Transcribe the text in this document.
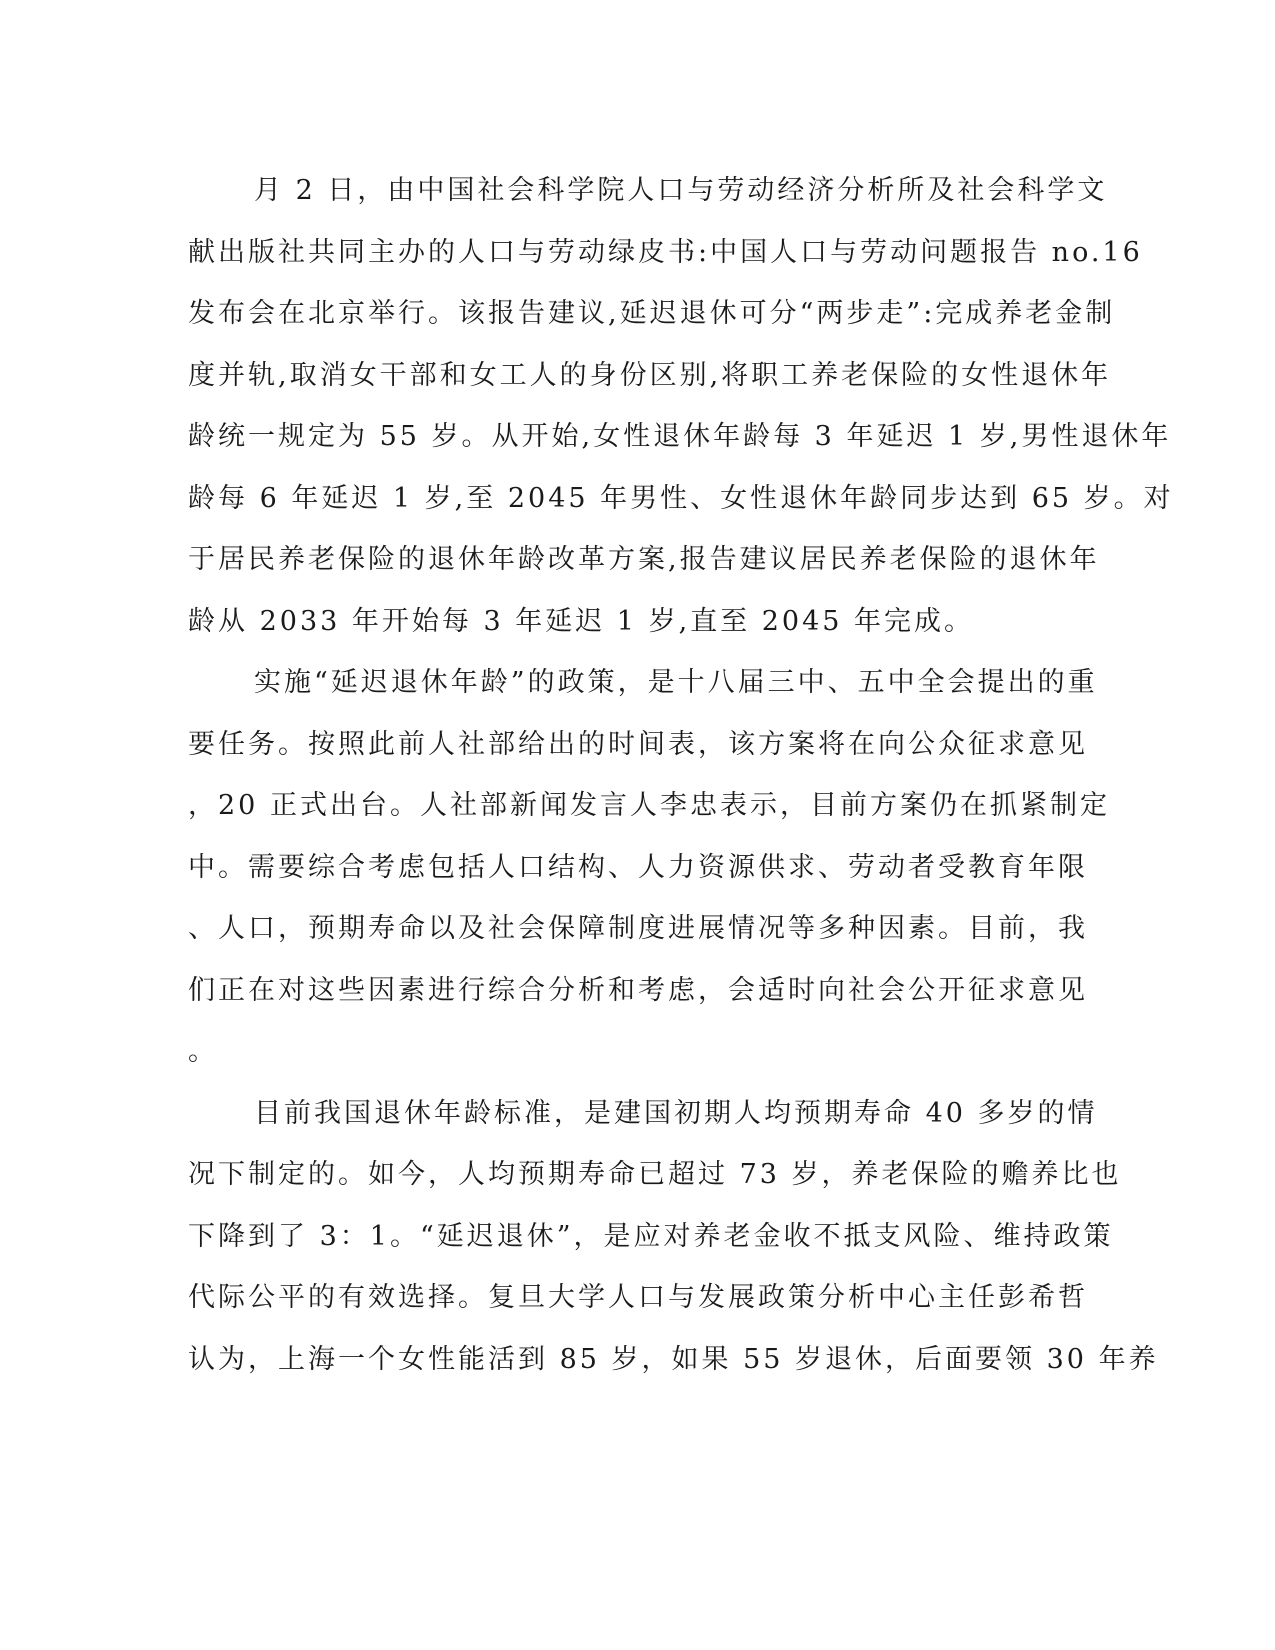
月 2 日，由中国社会科学院人口与劳动经济分析所及社会科学文
献出版社共同主办的人口与劳动绿皮书:中国人口与劳动问题报告 no.16
发布会在北京举行。该报告建议,延迟退休可分“两步走”:完成养老金制
度并轨,取消女干部和女工人的身份区别,将职工养老保险的女性退休年
龄统一规定为 55 岁。从开始,女性退休年龄每 3 年延迟 1 岁,男性退休年
龄每 6 年延迟 1 岁,至 2045 年男性、女性退休年龄同步达到 65 岁。对
于居民养老保险的退休年龄改革方案,报告建议居民养老保险的退休年
龄从 2033 年开始每 3 年延迟 1 岁,直至 2045 年完成。
实施“延迟退休年龄”的政策，是十八届三中、五中全会提出的重
要任务。按照此前人社部给出的时间表，该方案将在向公众征求意见
，20 正式出台。人社部新闻发言人李忠表示，目前方案仍在抓紧制定
中。需要综合考虑包括人口结构、人力资源供求、劳动者受教育年限
、人口，预期寿命以及社会保障制度进展情况等多种因素。目前，我
们正在对这些因素进行综合分析和考虑，会适时向社会公开征求意见
。
目前我国退休年龄标准，是建国初期人均预期寿命 40 多岁的情
况下制定的。如今，人均预期寿命已超过 73 岁，养老保险的赡养比也
下降到了 3：1。“延迟退休”，是应对养老金收不抵支风险、维持政策
代际公平的有效选择。复旦大学人口与发展政策分析中心主任彭希哲
认为，上海一个女性能活到 85 岁，如果 55 岁退休，后面要领 30 年养
